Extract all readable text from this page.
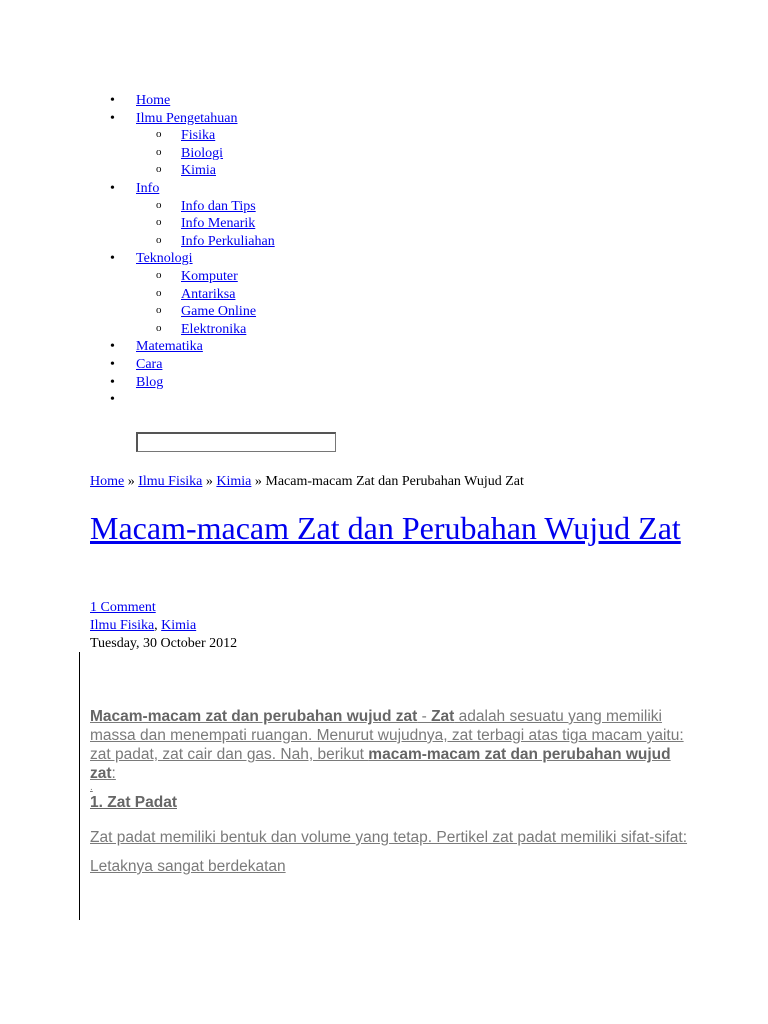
• Home
• Ilmu Pengetahuan
o Fisika
o Biologi
o Kimia
• Info
o Info dan Tips
o Info Menarik
o Info Perkuliahan
• Teknologi
o Komputer
o Antariksa
o Game Online
o Elektronika
• Matematika
• Cara
• Blog
•
Home » Ilmu Fisika » Kimia » Macam-macam Zat dan Perubahan Wujud Zat
Macam-macam Zat dan Perubahan Wujud Zat
1 Comment
Ilmu Fisika, Kimia
Tuesday, 30 October 2012

Macam-macam zat dan perubahan wujud zat - Zat adalah sesuatu yang memiliki massa dan menempati ruangan. Menurut wujudnya, zat terbagi atas tiga macam yaitu: zat padat, zat cair dan gas. Nah, berikut macam-macam zat dan perubahan wujud zat:

.

1. Zat Padat

Zat padat memiliki bentuk dan volume yang tetap. Pertikel zat padat memiliki sifat-sifat:

Letaknya sangat berdekatan
